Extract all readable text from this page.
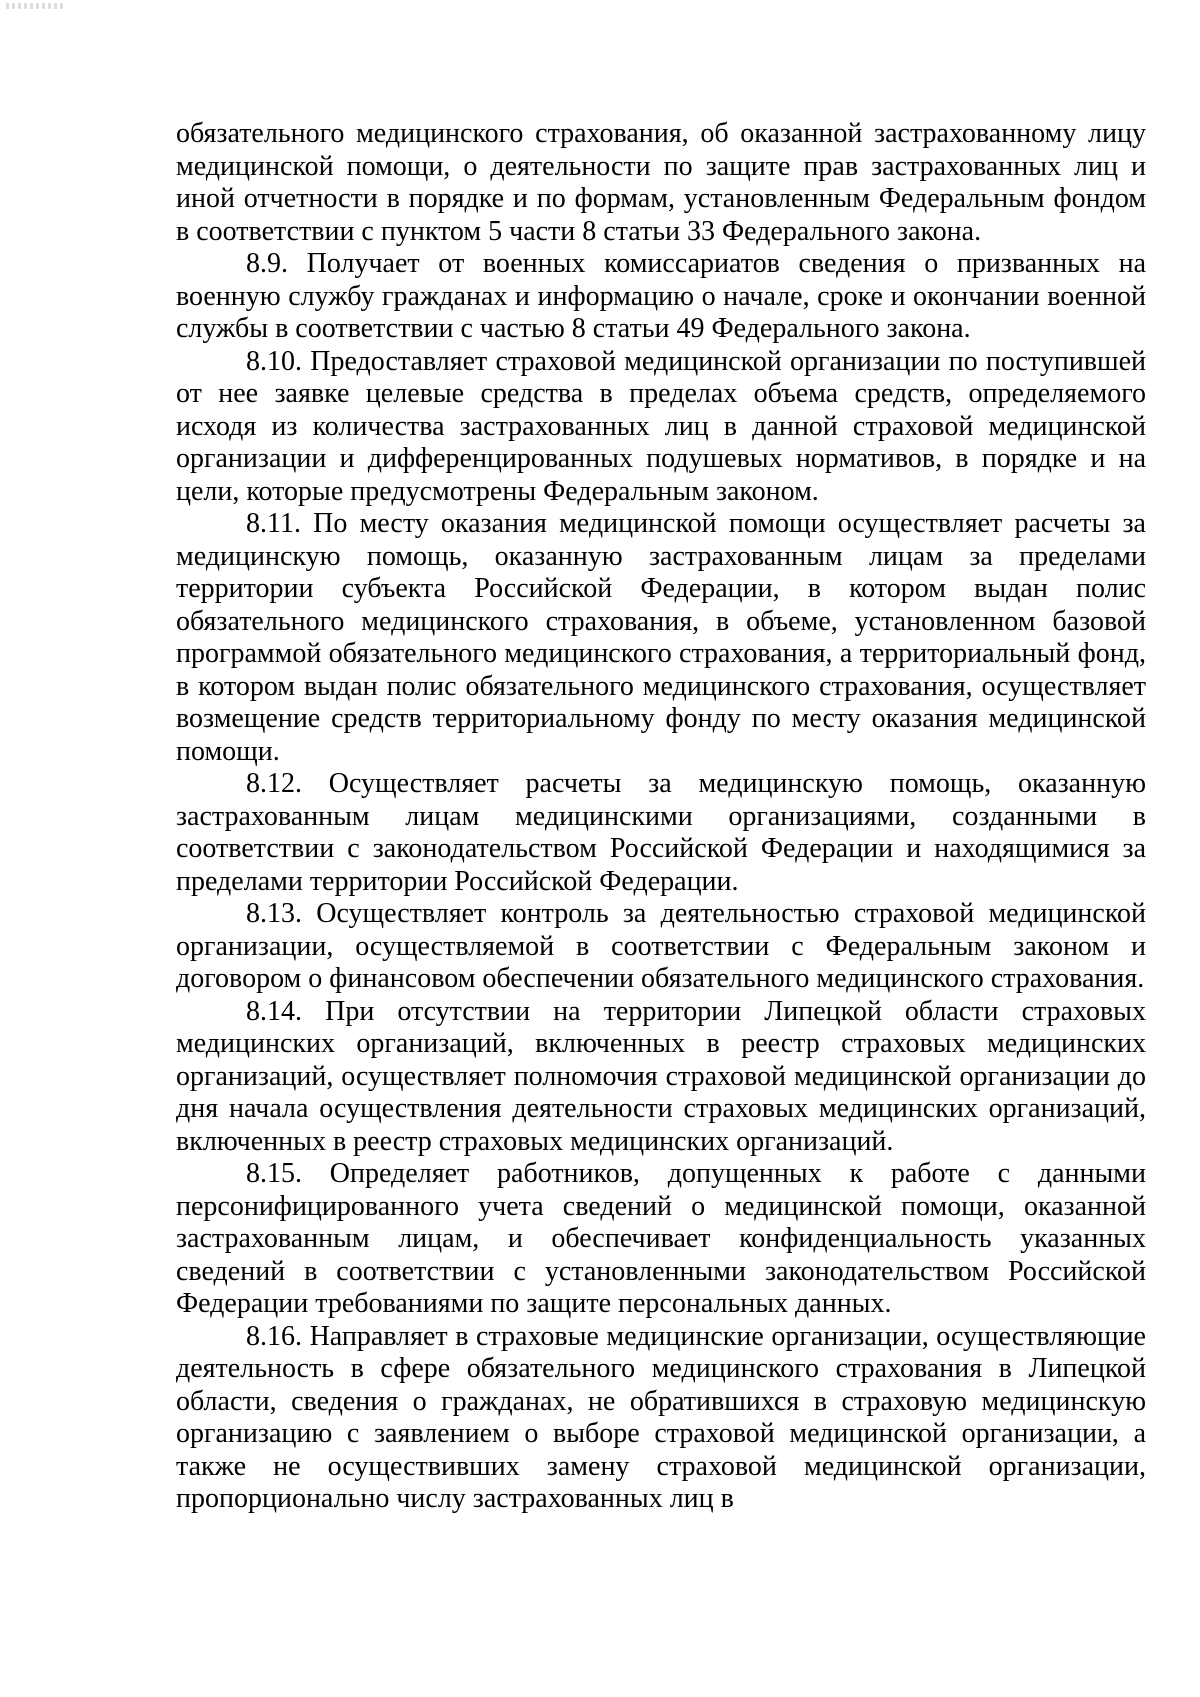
обязательного медицинского страхования, об оказанной застрахованному лицу медицинской помощи, о деятельности по защите прав застрахованных лиц и иной отчетности в порядке и по формам, установленным Федеральным фондом в соответствии с пунктом 5 части 8 статьи 33 Федерального закона.

8.9. Получает от военных комиссариатов сведения о призванных на военную службу гражданах и информацию о начале, сроке и окончании военной службы в соответствии с частью 8 статьи 49 Федерального закона.

8.10. Предоставляет страховой медицинской организации по поступившей от нее заявке целевые средства в пределах объема средств, определяемого исходя из количества застрахованных лиц в данной страховой медицинской организации и дифференцированных подушевых нормативов, в порядке и на цели, которые предусмотрены Федеральным законом.

8.11. По месту оказания медицинской помощи осуществляет расчеты за медицинскую помощь, оказанную застрахованным лицам за пределами территории субъекта Российской Федерации, в котором выдан полис обязательного медицинского страхования, в объеме, установленном базовой программой обязательного медицинского страхования, а территориальный фонд, в котором выдан полис обязательного медицинского страхования, осуществляет возмещение средств территориальному фонду по месту оказания медицинской помощи.

8.12. Осуществляет расчеты за медицинскую помощь, оказанную застрахованным лицам медицинскими организациями, созданными в соответствии с законодательством Российской Федерации и находящимися за пределами территории Российской Федерации.

8.13. Осуществляет контроль за деятельностью страховой медицинской организации, осуществляемой в соответствии с Федеральным законом и договором о финансовом обеспечении обязательного медицинского страхования.

8.14. При отсутствии на территории Липецкой области страховых медицинских организаций, включенных в реестр страховых медицинских организаций, осуществляет полномочия страховой медицинской организации до дня начала осуществления деятельности страховых медицинских организаций, включенных в реестр страховых медицинских организаций.

8.15. Определяет работников, допущенных к работе с данными персонифицированного учета сведений о медицинской помощи, оказанной застрахованным лицам, и обеспечивает конфиденциальность указанных сведений в соответствии с установленными законодательством Российской Федерации требованиями по защите персональных данных.

8.16. Направляет в страховые медицинские организации, осуществляющие деятельность в сфере обязательного медицинского страхования в Липецкой области, сведения о гражданах, не обратившихся в страховую медицинскую организацию с заявлением о выборе страховой медицинской организации, а также не осуществивших замену страховой медицинской организации, пропорционально числу застрахованных лиц в
